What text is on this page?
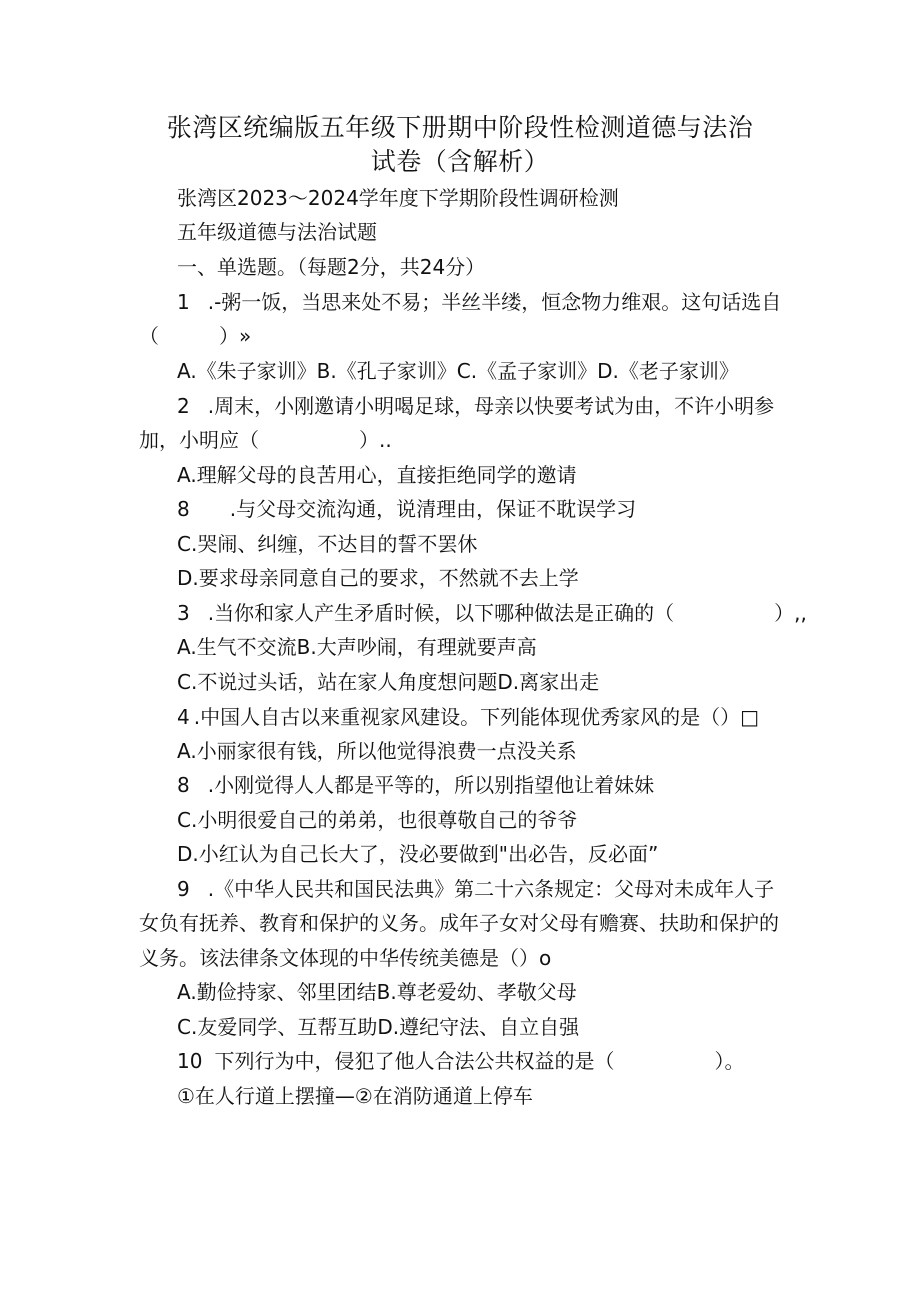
张湾区统编版五年级下册期中阶段性检测道德与法治
试卷（含解析）
张湾区2023～2024学年度下学期阶段性调研检测
五年级道德与法治试题
一、单选题。（每题2分，共24分）
1 .-粥一饭，当思来处不易；半丝半缕，恒念物力维艰。这句话选自
（　　　）»
A.《朱子家训》B.《孔子家训》C.《孟子家训》D.《老子家训》
2 .周末，小刚邀请小明喝足球，母亲以快要考试为由，不许小明参
加，小明应（　　　　　）..
A.理解父母的良苦用心，直接拒绝同学的邀请
8 .与父母交流沟通，说清理由，保证不耽误学习
C.哭闹、纠缠，不达目的誓不罢休
D.要求母亲同意自己的要求，不然就不去上学
3 .当你和家人产生矛盾时候，以下哪种做法是正确的（　　　　　）,,
A.生气不交流B.大声吵闹，有理就要声高
C.不说过头话，站在家人角度想问题D.离家出走
4 .中国人自古以来重视家风建设。下列能体现优秀家风的是（）□
A.小丽家很有钱，所以他觉得浪费一点没关系
8 .小刚觉得人人都是平等的，所以别指望他让着妹妹
C.小明很爱自己的弟弟，也很尊敬自己的爷爷
D.小红认为自己长大了，没必要做到"出必告，反必面”
9 .《中华人民共和国民法典》第二十六条规定：父母对未成年人子
女负有抚养、教育和保护的义务。成年子女对父母有赡赛、扶助和保护的
义务。该法律条文体现的中华传统美德是（）o
A.勤俭持家、邻里团结B.尊老爱幼、孝敬父母
C.友爱同学、互帮互助D.遵纪守法、自立自强
10 下列行为中，侵犯了他人合法公共权益的是（　　　　　）。
①在人行道上摆撞—②在消防通道上停车
